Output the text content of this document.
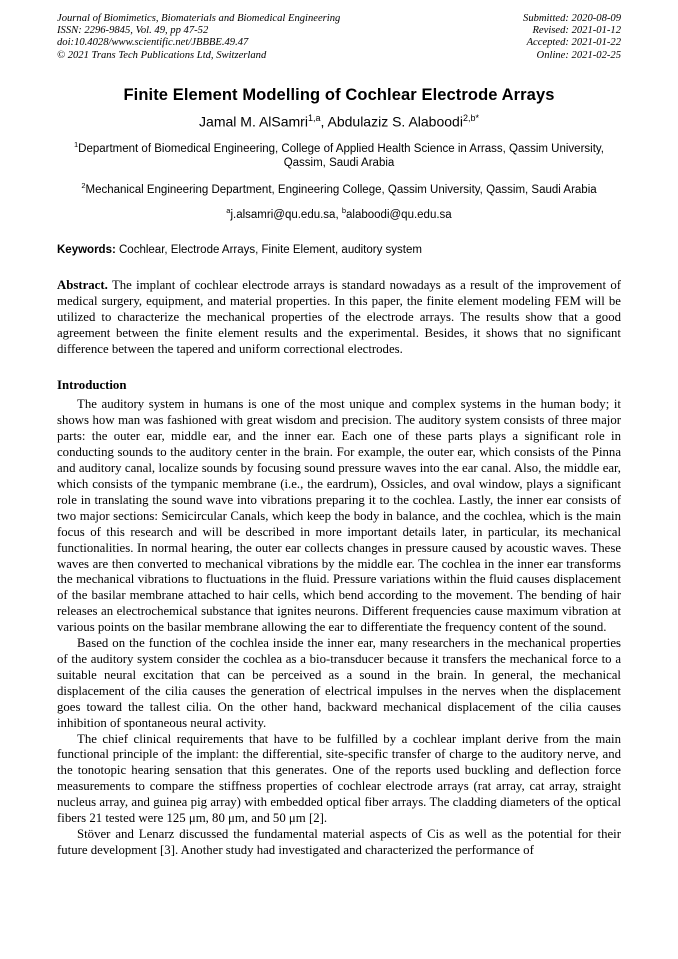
Journal of Biomimetics, Biomaterials and Biomedical Engineering
ISSN: 2296-9845, Vol. 49, pp 47-52
doi:10.4028/www.scientific.net/JBBBE.49.47
© 2021 Trans Tech Publications Ltd, Switzerland
Submitted: 2020-08-09
Revised: 2021-01-12
Accepted: 2021-01-22
Online: 2021-02-25
Finite Element Modelling of Cochlear Electrode Arrays
Jamal M. AlSamri$^{1,a}$, Abdulaziz S. Alaboodi$^{2,b*}$
$^1$Department of Biomedical Engineering, College of Applied Health Science in Arrass, Qassim University, Qassim, Saudi Arabia
$^2$Mechanical Engineering Department, Engineering College, Qassim University, Qassim, Saudi Arabia
$^a$j.alsamri@qu.edu.sa, $^b$alaboodi@qu.edu.sa

Keywords: Cochlear, Electrode Arrays, Finite Element, auditory system

Abstract. The implant of cochlear electrode arrays is standard nowadays as a result of the improvement of medical surgery, equipment, and material properties. In this paper, the finite element modeling FEM will be utilized to characterize the mechanical properties of the electrode arrays. The results show that a good agreement between the finite element results and the experimental. Besides, it shows that no significant difference between the tapered and uniform correctional electrodes.

Introduction

The auditory system in humans is one of the most unique and complex systems in the human body; it shows how man was fashioned with great wisdom and precision. The auditory system consists of three major parts: the outer ear, middle ear, and the inner ear. Each one of these parts plays a significant role in conducting sounds to the auditory center in the brain. For example, the outer ear, which consists of the Pinna and auditory canal, localize sounds by focusing sound pressure waves into the ear canal. Also, the middle ear, which consists of the tympanic membrane (i.e., the eardrum), Ossicles, and oval window, plays a significant role in translating the sound wave into vibrations preparing it to the cochlea. Lastly, the inner ear consists of two major sections: Semicircular Canals, which keep the body in balance, and the cochlea, which is the main focus of this research and will be described in more important details later, in particular, its mechanical functionalities. In normal hearing, the outer ear collects changes in pressure caused by acoustic waves. These waves are then converted to mechanical vibrations by the middle ear. The cochlea in the inner ear transforms the mechanical vibrations to fluctuations in the fluid. Pressure variations within the fluid causes displacement of the basilar membrane attached to hair cells, which bend according to the movement. The bending of hair releases an electrochemical substance that ignites neurons. Different frequencies cause maximum vibration at various points on the basilar membrane allowing the ear to differentiate the frequency content of the sound.

Based on the function of the cochlea inside the inner ear, many researchers in the mechanical properties of the auditory system consider the cochlea as a bio-transducer because it transfers the mechanical force to a suitable neural excitation that can be perceived as a sound in the brain. In general, the mechanical displacement of the cilia causes the generation of electrical impulses in the nerves when the displacement goes toward the tallest cilia. On the other hand, backward mechanical displacement of the cilia causes inhibition of spontaneous neural activity.

The chief clinical requirements that have to be fulfilled by a cochlear implant derive from the main functional principle of the implant: the differential, site-specific transfer of charge to the auditory nerve, and the tonotopic hearing sensation that this generates. One of the reports used buckling and deflection force measurements to compare the stiffness properties of cochlear electrode arrays (rat array, cat array, straight nucleus array, and guinea pig array) with embedded optical fiber arrays. The cladding diameters of the optical fibers 21 tested were 125 μm, 80 μm, and 50 μm [2].

Stöver and Lenarz discussed the fundamental material aspects of Cis as well as the potential for their future development [3]. Another study had investigated and characterized the performance of
